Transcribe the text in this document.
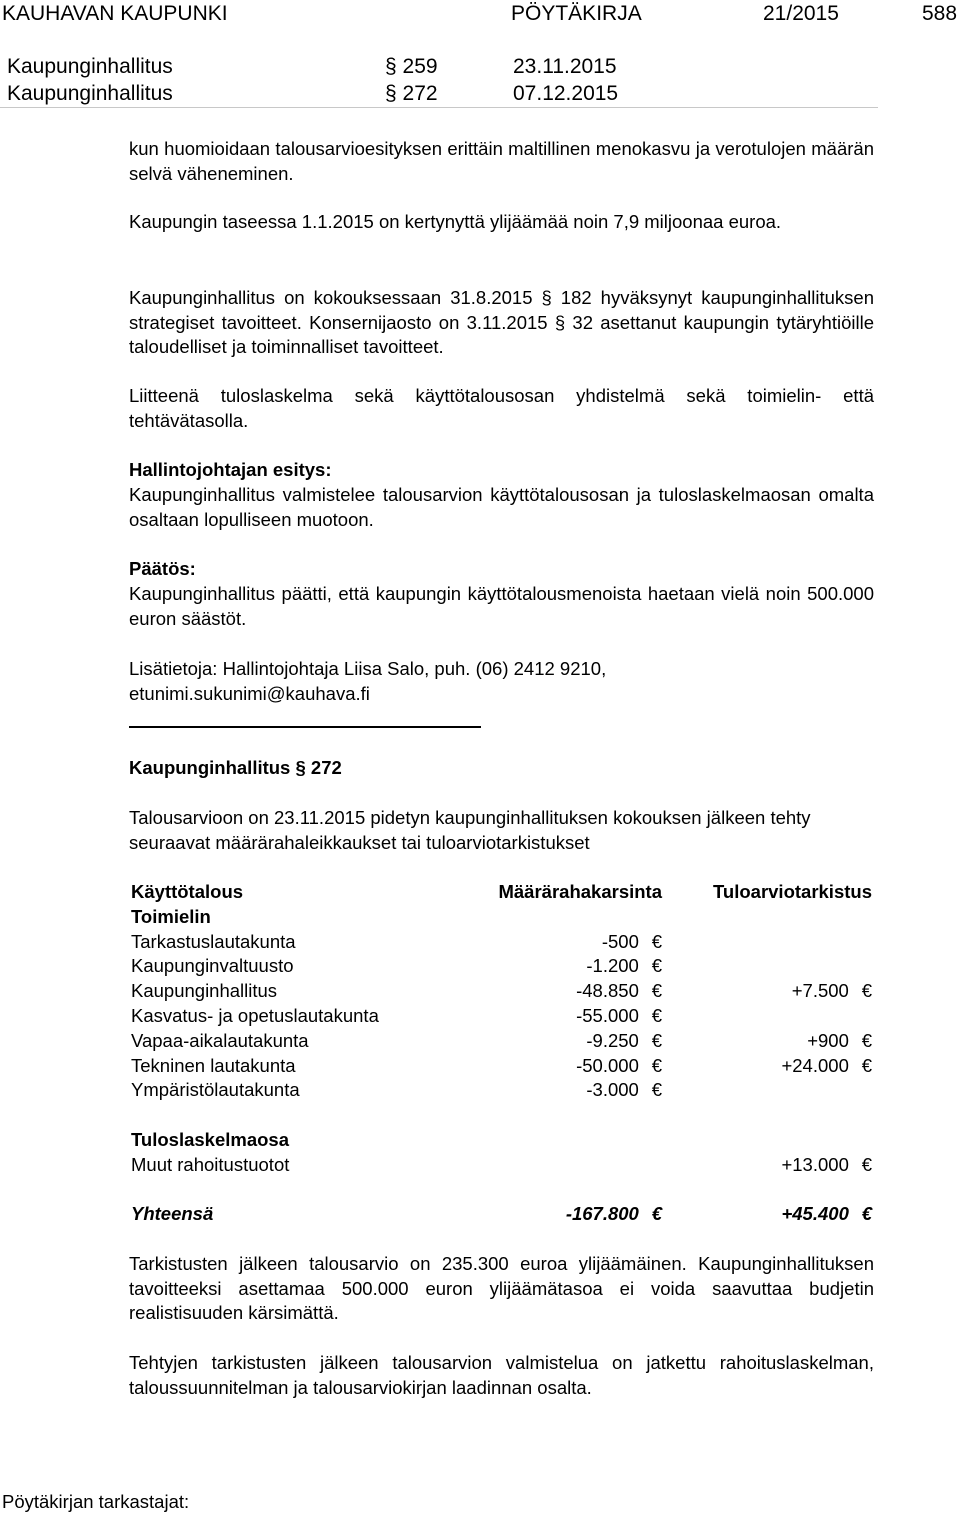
KAUHAVAN KAUPUNKI	PÖYTÄKIRJA	21/2015	588
Kaupunginhallitus	§ 259	23.11.2015
Kaupunginhallitus	§ 272	07.12.2015
kun huomioidaan talousarvioesityksen erittäin maltillinen menokasvu ja verotulojen määrän selvä väheneminen.
Kaupungin taseessa 1.1.2015 on kertynyttä ylijäämää noin 7,9 miljoonaa euroa.
Kaupunginhallitus on kokouksessaan 31.8.2015 § 182 hyväksynyt kaupunginhallituksen strategiset tavoitteet. Konsernijaosto on 3.11.2015 § 32 asettanut kaupungin tytäryhtiöille taloudelliset ja toiminnalliset tavoitteet.
Liitteenä tuloslaskelma sekä käyttötalousosan yhdistelmä sekä toimielin- että tehtävätasolla.
Hallintojohtajan esitys:
Kaupunginhallitus valmistelee talousarvion käyttötalousosan ja tuloslaskelmaosan omalta osaltaan lopulliseen muotoon.
Päätös:
Kaupunginhallitus päätti, että kaupungin käyttötalousmenoista haetaan vielä noin 500.000 euron säästöt.
Lisätietoja: Hallintojohtaja Liisa Salo, puh. (06) 2412 9210, etunimi.sukunimi@kauhava.fi
Kaupunginhallitus § 272
Talousarvioon on 23.11.2015 pidetyn kaupunginhallituksen kokouksen jälkeen tehty seuraavat määrärahaleikkaukset tai tuloarviotarkistukset
Käyttötalous	Määrärahakarsinta	Tuloarviotarkistus
Toimielin		
Tarkastuslautakunta	-500 €	
Kaupunginvaltuusto	-1.200 €	
Kaupunginhallitus	-48.850 €	+7.500 €
Kasvatus- ja opetuslautakunta	-55.000 €	
Vapaa-aikalautakunta	-9.250 €	+900 €
Tekninen lautakunta	-50.000 €	+24.000 €
Ympäristölautakunta	-3.000 €	

Tuloslaskelmaosa		
Muut rahoitustuotot		+13.000 €

Yhteensä	-167.800 €	+45.400 €
Tarkistusten jälkeen talousarvio on 235.300 euroa ylijäämäinen. Kaupunginhallituksen tavoitteeksi asettamaa 500.000 euron ylijäämätasoa ei voida saavuttaa budjetin realistisuuden kärsimättä.
Tehtyjen tarkistusten jälkeen talousarvion valmistelua on jatkettu rahoituslaskelman, taloussuunnitelman ja talousarviokirjan laadinnan osalta.
Pöytäkirjan tarkastajat:
